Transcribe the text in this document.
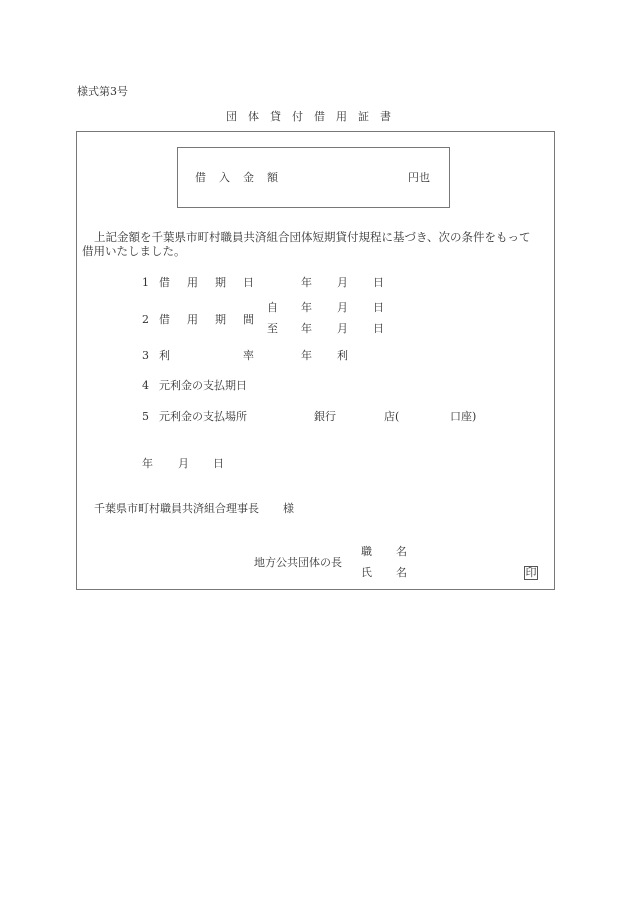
様式第3号
団 体 貸 付 借 用 証 書
借 入 金 額	円也
上記金額を千葉県市町村職員共済組合団体短期貸付規程に基づき、次の条件をもって
借用いたしました。
1 借 用 期 日	年 月 日
2 借 用 期 間
自 年 月 日
至 年 月 日
3 利	率	年 利
4 元利金の支払期日
5 元利金の支払場所	銀行	店(	口座)
年 月 日
千葉県市町村職員共済組合理事長 様
地方公共団体の長
職 名
氏 名	印
